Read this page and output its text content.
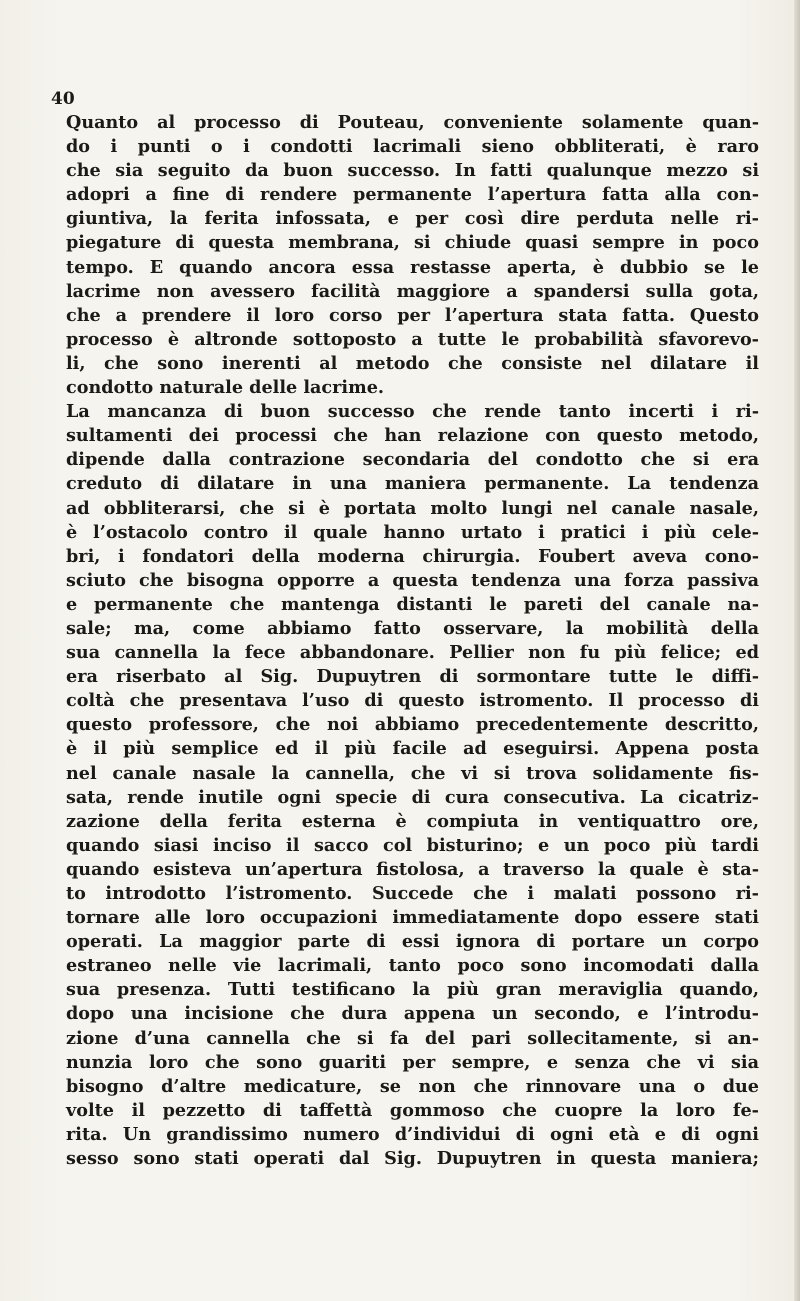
40
Quanto al processo di Pouteau, conveniente solamente quan-
do i punti o i condotti lacrimali sieno obbliterati, è raro
che sia seguito da buon successo. In fatti qualunque mezzo si
adopri a fine di rendere permanente l’apertura fatta alla con-
giuntiva, la ferita infossata, e per così dire perduta nelle ri-
piegature di questa membrana, si chiude quasi sempre in poco
tempo. E quando ancora essa restasse aperta, è dubbio se le
lacrime non avessero facilità maggiore a spandersi sulla gota,
che a prendere il loro corso per l’apertura stata fatta. Questo
processo è altronde sottoposto a tutte le probabilità sfavorevo-
li, che sono inerenti al metodo che consiste nel dilatare il
condotto naturale delle lacrime.
La mancanza di buon successo che rende tanto incerti i ri-
sultamenti dei processi che han relazione con questo metodo,
dipende dalla contrazione secondaria del condotto che si era
creduto di dilatare in una maniera permanente. La tendenza
ad obbliterarsi, che si è portata molto lungi nel canale nasale,
è l’ostacolo contro il quale hanno urtato i pratici i più cele-
bri, i fondatori della moderna chirurgia. Foubert aveva cono-
sciuto che bisogna opporre a questa tendenza una forza passiva
e permanente che mantenga distanti le pareti del canale na-
sale; ma, come abbiamo fatto osservare, la mobilità della
sua cannella la fece abbandonare. Pellier non fu più felice; ed
era riserbato al Sig. Dupuytren di sormontare tutte le diffi-
coltà che presentava l’uso di questo istromento. Il processo di
questo professore, che noi abbiamo precedentemente descritto,
è il più semplice ed il più facile ad eseguirsi. Appena posta
nel canale nasale la cannella, che vi si trova solidamente fis-
sata, rende inutile ogni specie di cura consecutiva. La cicatriz-
zazione della ferita esterna è compiuta in ventiquattro ore,
quando siasi inciso il sacco col bisturino; e un poco più tardi
quando esisteva un’apertura fistolosa, a traverso la quale è sta-
to introdotto l’istromento. Succede che i malati possono ri-
tornare alle loro occupazioni immediatamente dopo essere stati
operati. La maggior parte di essi ignora di portare un corpo
estraneo nelle vie lacrimali, tanto poco sono incomodati dalla
sua presenza. Tutti testificano la più gran meraviglia quando,
dopo una incisione che dura appena un secondo, e l’introdu-
zione d’una cannella che si fa del pari sollecitamente, si an-
nunzia loro che sono guariti per sempre, e senza che vi sia
bisogno d’altre medicature, se non che rinnovare una o due
volte il pezzetto di taffettà gommoso che cuopre la loro fe-
rita. Un grandissimo numero d’individui di ogni età e di ogni
sesso sono stati operati dal Sig. Dupuytren in questa maniera;
